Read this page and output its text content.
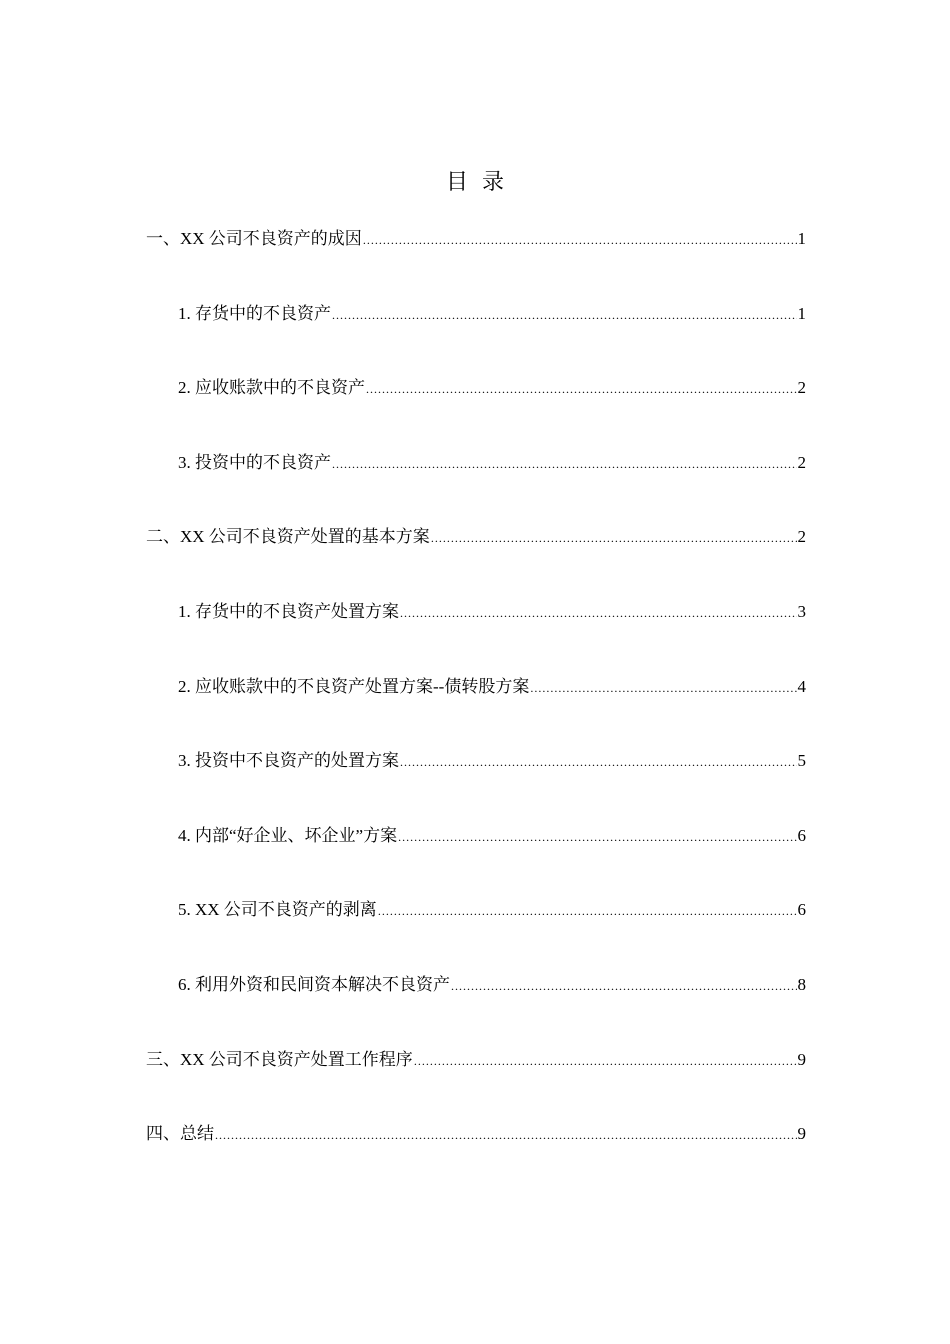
目录
一、XX 公司不良资产的成因 .....	1
1. 存货中的不良资产 .....	1
2. 应收账款中的不良资产 .....	2
3. 投资中的不良资产 .....	2
二、XX 公司不良资产处置的基本方案 .....	2
1. 存货中的不良资产处置方案 .....	3
2. 应收账款中的不良资产处置方案--债转股方案 .....	4
3. 投资中不良资产的处置方案 .....	5
4. 内部“好企业、坏企业”方案 .....	6
5. XX 公司不良资产的剥离 .....	6
6. 利用外资和民间资本解决不良资产 .....	8
三、XX 公司不良资产处置工作程序 .....	9
四、总结 .....	9
